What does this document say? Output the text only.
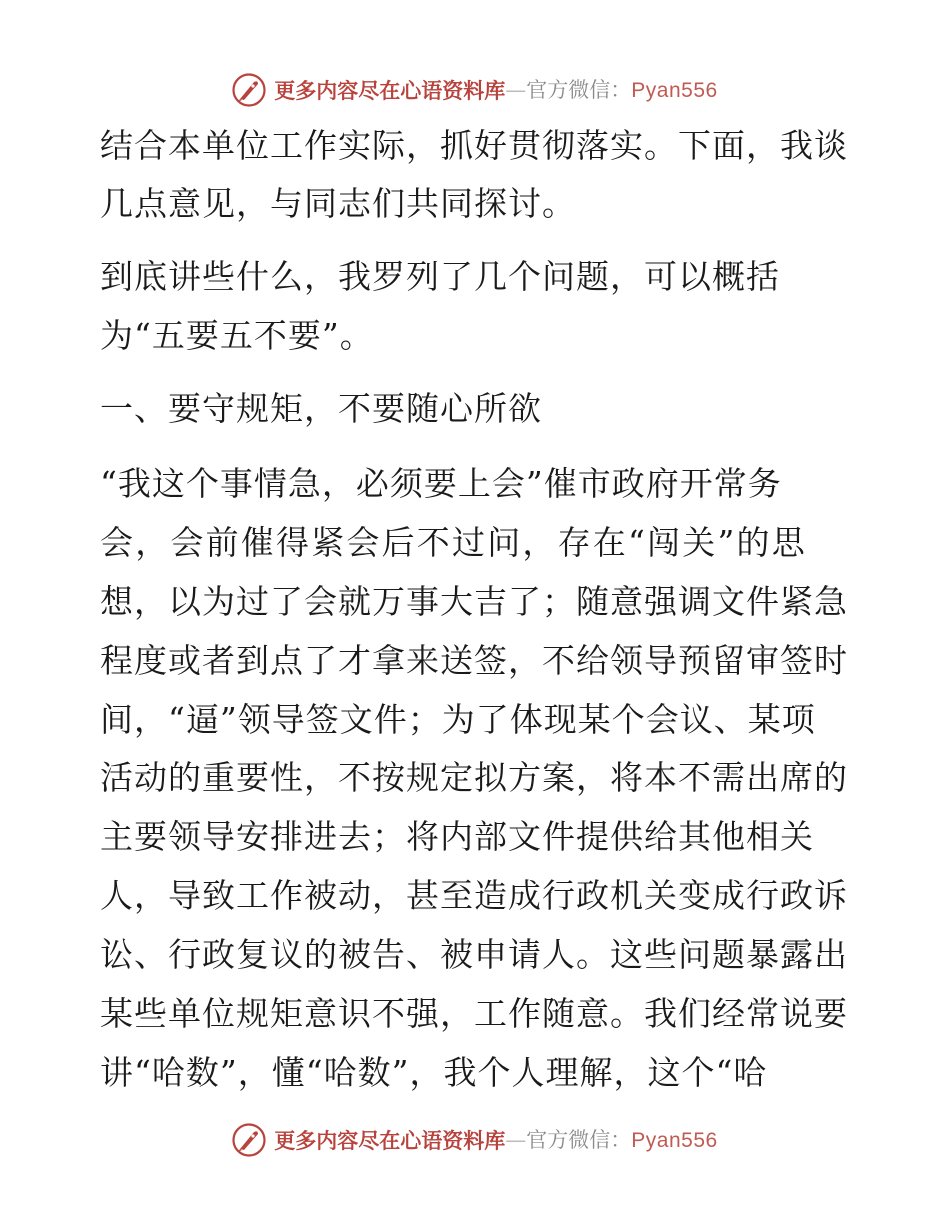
更多内容尽在心语资料库 — 官方微信 ： Pyan556
结合本单位工作实际，抓好贯彻落实。下面，我谈
几点意见，与同志们共同探讨。
到底讲些什么，我罗列了几个问题，可以概括
为“五要五不要”。
一、要守规矩，不要随心所欲
“我这个事情急，必须要上会”催市政府开常务
会，会前催得紧会后不过问，存在“闯关”的思
想，以为过了会就万事大吉了；随意强调文件紧急
程度或者到点了才拿来送签，不给领导预留审签时
间，“逼”领导签文件；为了体现某个会议、某项
活动的重要性，不按规定拟方案，将本不需出席的
主要领导安排进去；将内部文件提供给其他相关
人，导致工作被动，甚至造成行政机关变成行政诉
讼、行政复议的被告、被申请人。这些问题暴露出
某些单位规矩意识不强，工作随意。我们经常说要
讲“哈数”，懂“哈数”，我个人理解，这个“哈
更多内容尽在心语资料库 — 官方微信 ： Pyan556
